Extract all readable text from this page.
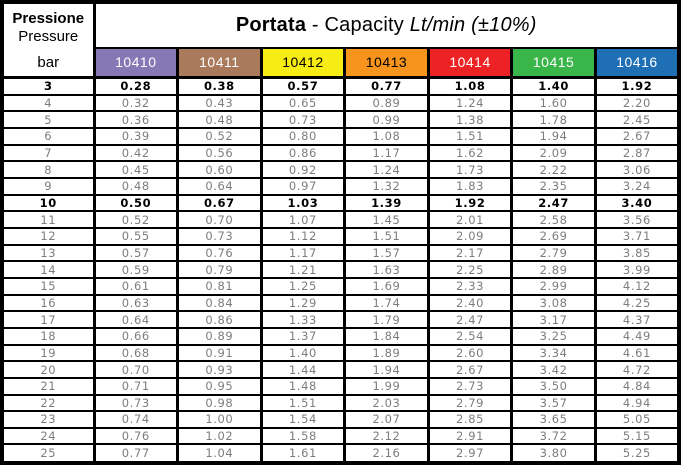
Pressione
Pressure
bar	Portata - Capacity Lt/min (±10%)						
	10410	10411	10412	10413	10414	10415	10416
3	0.28	0.38	0.57	0.77	1.08	1.40	1.92
4	0.32	0.43	0.65	0.89	1.24	1.60	2.20
5	0.36	0.48	0.73	0.99	1.38	1.78	2.45
6	0.39	0.52	0.80	1.08	1.51	1.94	2.67
7	0.42	0.56	0.86	1.17	1.62	2.09	2.87
8	0.45	0.60	0.92	1.24	1.73	2.22	3.06
9	0.48	0.64	0.97	1.32	1.83	2.35	3.24
10	0.50	0.67	1.03	1.39	1.92	2.47	3.40
11	0.52	0.70	1.07	1.45	2.01	2.58	3.56
12	0.55	0.73	1.12	1.51	2.09	2.69	3.71
13	0.57	0.76	1.17	1.57	2.17	2.79	3.85
14	0.59	0.79	1.21	1.63	2.25	2.89	3.99
15	0.61	0.81	1.25	1.69	2.33	2.99	4.12
16	0.63	0.84	1.29	1.74	2.40	3.08	4.25
17	0.64	0.86	1.33	1.79	2.47	3.17	4.37
18	0.66	0.89	1.37	1.84	2.54	3.25	4.49
19	0.68	0.91	1.40	1.89	2.60	3.34	4.61
20	0.70	0.93	1.44	1.94	2.67	3.42	4.72
21	0.71	0.95	1.48	1.99	2.73	3.50	4.84
22	0.73	0.98	1.51	2.03	2.79	3.57	4.94
23	0.74	1.00	1.54	2.07	2.85	3.65	5.05
24	0.76	1.02	1.58	2.12	2.91	3.72	5.15
25	0.77	1.04	1.61	2.16	2.97	3.80	5.25
